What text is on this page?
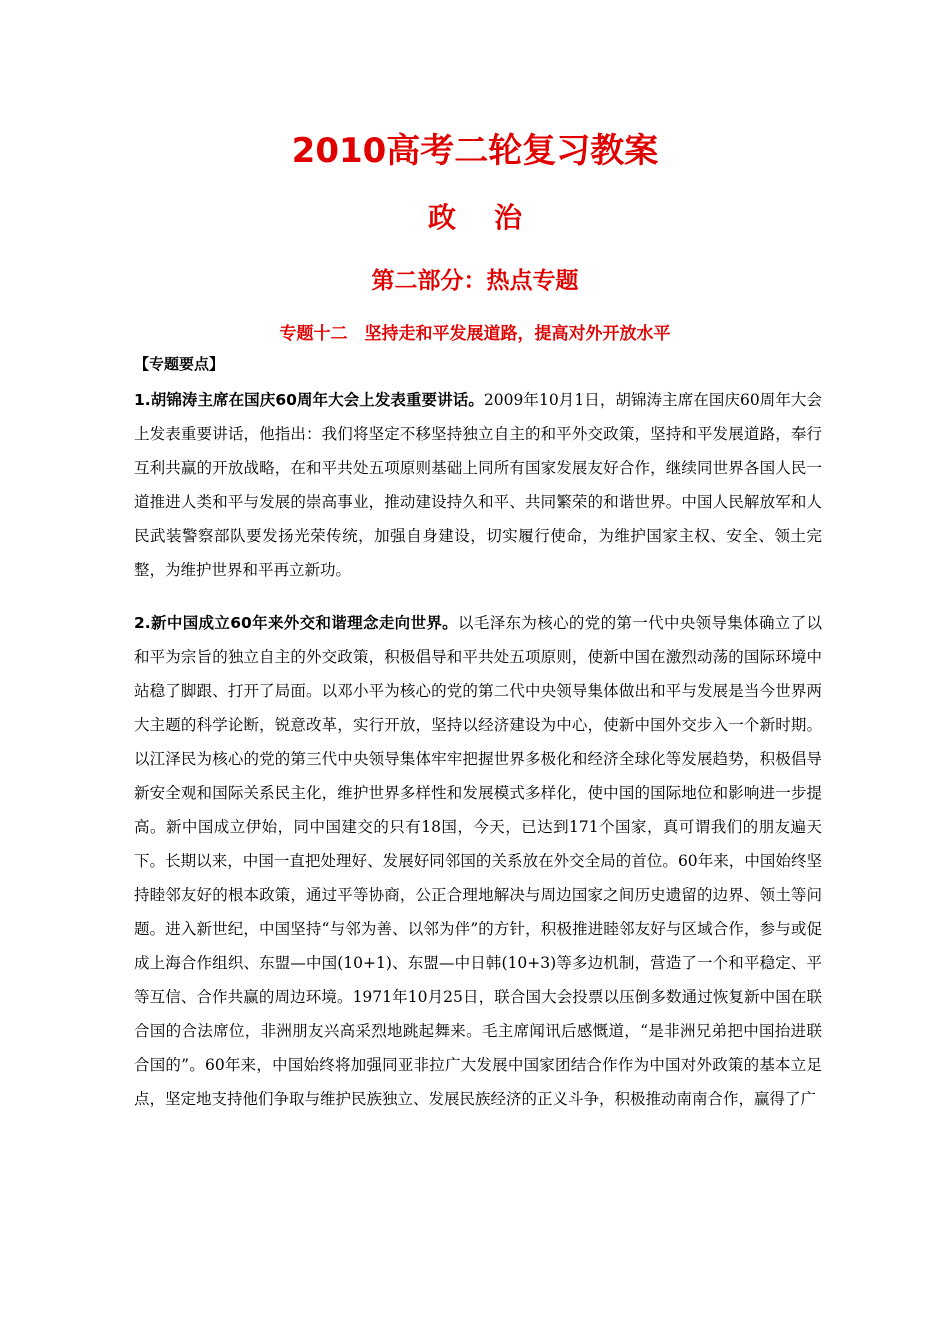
2010高考二轮复习教案
政治
第二部分：热点专题
专题十二　坚持走和平发展道路，提高对外开放水平
【专题要点】

1.胡锦涛主席在国庆60周年大会上发表重要讲话。2009年10月1日，胡锦涛主席在国庆60周年大会上发表重要讲话，他指出：我们将坚定不移坚持独立自主的和平外交政策，坚持和平发展道路，奉行互利共赢的开放战略，在和平共处五项原则基础上同所有国家发展友好合作，继续同世界各国人民一道推进人类和平与发展的崇高事业，推动建设持久和平、共同繁荣的和谐世界。中国人民解放军和人民武装警察部队要发扬光荣传统，加强自身建设，切实履行使命，为维护国家主权、安全、领土完整，为维护世界和平再立新功。

2.新中国成立60年来外交和谐理念走向世界。以毛泽东为核心的党的第一代中央领导集体确立了以和平为宗旨的独立自主的外交政策，积极倡导和平共处五项原则，使新中国在激烈动荡的国际环境中站稳了脚跟、打开了局面。以邓小平为核心的党的第二代中央领导集体做出和平与发展是当今世界两大主题的科学论断，锐意改革，实行开放，坚持以经济建设为中心，使新中国外交步入一个新时期。以江泽民为核心的党的第三代中央领导集体牢牢把握世界多极化和经济全球化等发展趋势，积极倡导新安全观和国际关系民主化，维护世界多样性和发展模式多样化，使中国的国际地位和影响进一步提高。新中国成立伊始，同中国建交的只有18国，今天，已达到171个国家，真可谓我们的朋友遍天下。长期以来，中国一直把处理好、发展好同邻国的关系放在外交全局的首位。60年来，中国始终坚持睦邻友好的根本政策，通过平等协商，公正合理地解决与周边国家之间历史遗留的边界、领土等问题。进入新世纪，中国坚持“与邻为善、以邻为伴”的方针，积极推进睦邻友好与区域合作，参与或促成上海合作组织、东盟—中国(10+1)、东盟—中日韩(10+3)等多边机制，营造了一个和平稳定、平等互信、合作共赢的周边环境。1971年10月25日，联合国大会投票以压倒多数通过恢复新中国在联合国的合法席位，非洲朋友兴高采烈地跳起舞来。毛主席闻讯后感慨道，“是非洲兄弟把中国抬进联合国的”。60年来，中国始终将加强同亚非拉广大发展中国家团结合作作为中国对外政策的基本立足点，坚定地支持他们争取与维护民族独立、发展民族经济的正义斗争，积极推动南南合作，赢得了广
